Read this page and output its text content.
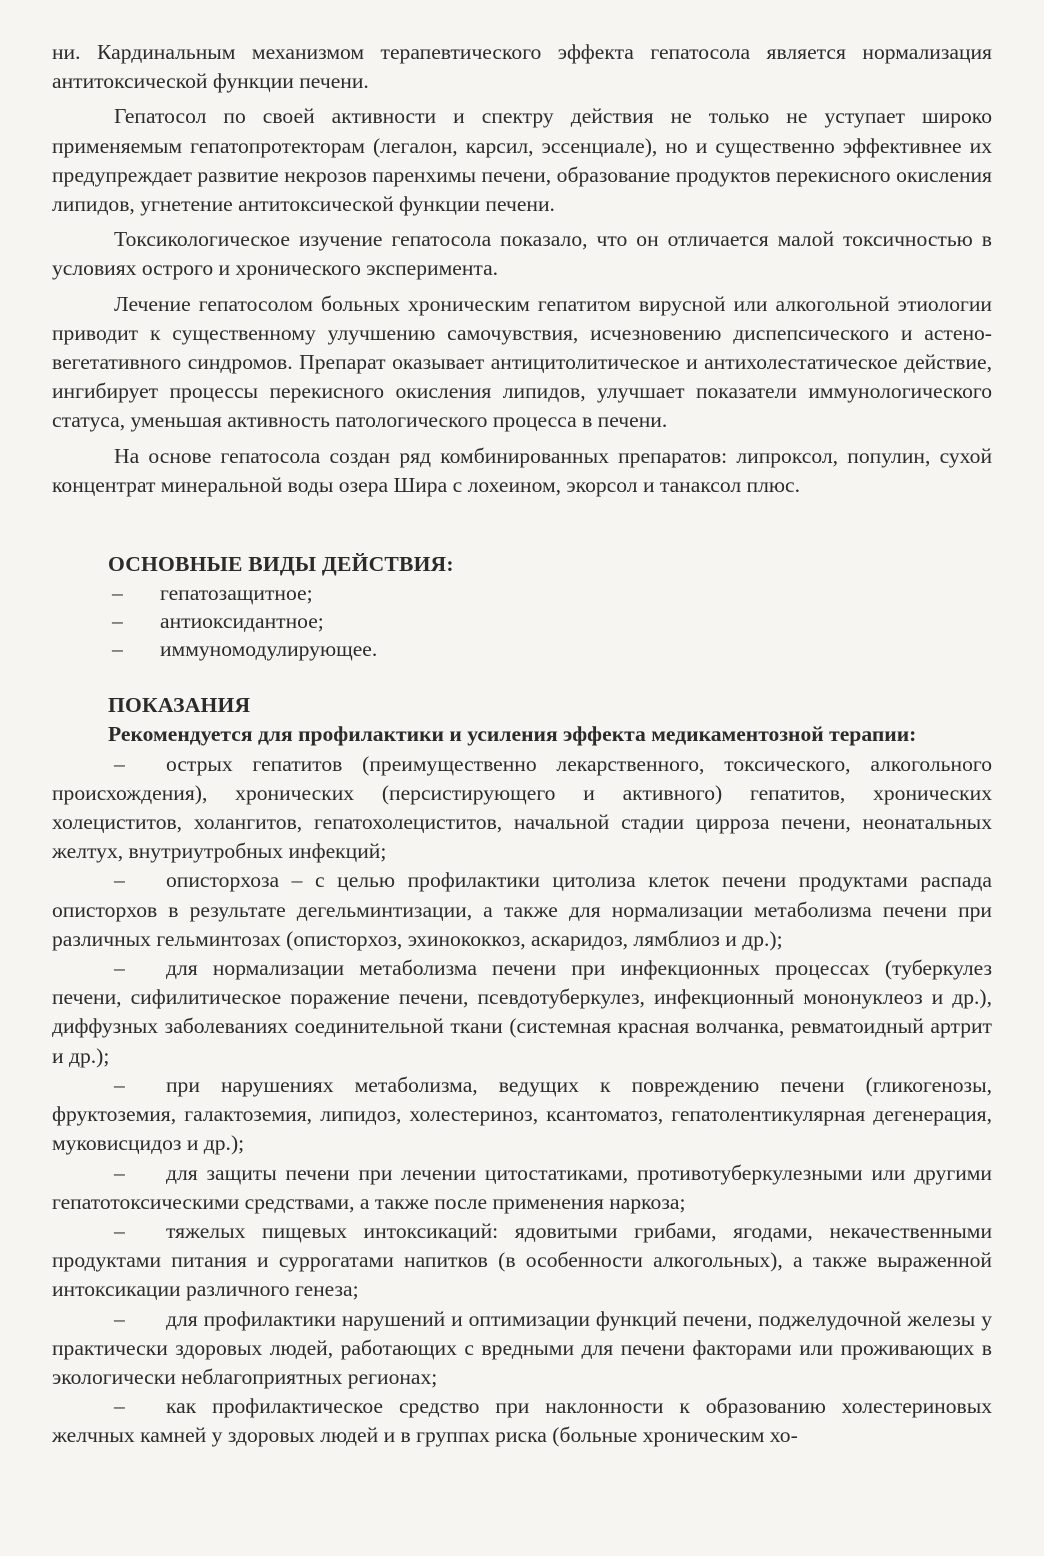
ни. Кардинальным механизмом терапевтического эффекта гепатосола является нормализация антитоксической функции печени.

Гепатосол по своей активности и спектру действия не только не уступает широко применяемым гепатопротекторам (легалон, карсил, эссенциале), но и существенно эффективнее их предупреждает развитие некрозов паренхимы печени, образование продуктов перекисного окисления липидов, угнетение антитоксической функции печени.

Токсикологическое изучение гепатосола показало, что он отличается малой токсичностью в условиях острого и хронического эксперимента.

Лечение гепатосолом больных хроническим гепатитом вирусной или алкогольной этиологии приводит к существенному улучшению самочувствия, исчезновению диспепсического и астено-вегетативного синдромов. Препарат оказывает антицитолитическое и антихолестатическое действие, ингибирует процессы перекисного окисления липидов, улучшает показатели иммунологического статуса, уменьшая активность патологического процесса в печени.

На основе гепатосола создан ряд комбинированных препаратов: липроксол, популин, сухой концентрат минеральной воды озера Шира с лохеином, экорсол и танаксол плюс.

ОСНОВНЫЕ ВИДЫ ДЕЙСТВИЯ:
–	гепатозащитное;
–	антиоксидантное;
–	иммуномодулирующее.
ПОКАЗАНИЯ

Рекомендуется для профилактики и усиления эффекта медикаментозной терапии:

– острых гепатитов (преимущественно лекарственного, токсического, алкогольного происхождения), хронических (персистирующего и активного) гепатитов, хронических холециститов, холангитов, гепатохолециститов, начальной стадии цирроза печени, неонатальных желтух, внутриутробных инфекций;

– описторхоза – с целью профилактики цитолиза клеток печени продуктами распада описторхов в результате дегельминтизации, а также для нормализации метаболизма печени при различных гельминтозах (описторхоз, эхинококкоз, аскаридоз, лямблиоз и др.);

– для нормализации метаболизма печени при инфекционных процессах (туберкулез печени, сифилитическое поражение печени, псевдотуберкулез, инфекционный мононуклеоз и др.), диффузных заболеваниях соединительной ткани (системная красная волчанка, ревматоидный артрит и др.);

– при нарушениях метаболизма, ведущих к повреждению печени (гликогенозы, фруктоземия, галактоземия, липидоз, холестериноз, ксантоматоз, гепатолентикулярная дегенерация, муковисцидоз и др.);

– для защиты печени при лечении цитостатиками, противотуберкулезными или другими гепатотоксическими средствами, а также после применения наркоза;

– тяжелых пищевых интоксикаций: ядовитыми грибами, ягодами, некачественными продуктами питания и суррогатами напитков (в особенности алкогольных), а также выраженной интоксикации различного генеза;

– для профилактики нарушений и оптимизации функций печени, поджелудочной железы у практически здоровых людей, работающих с вредными для печени факторами или проживающих в экологически неблагоприятных регионах;

– как профилактическое средство при наклонности к образованию холестериновых желчных камней у здоровых людей и в группах риска (больные хроническим хо-
